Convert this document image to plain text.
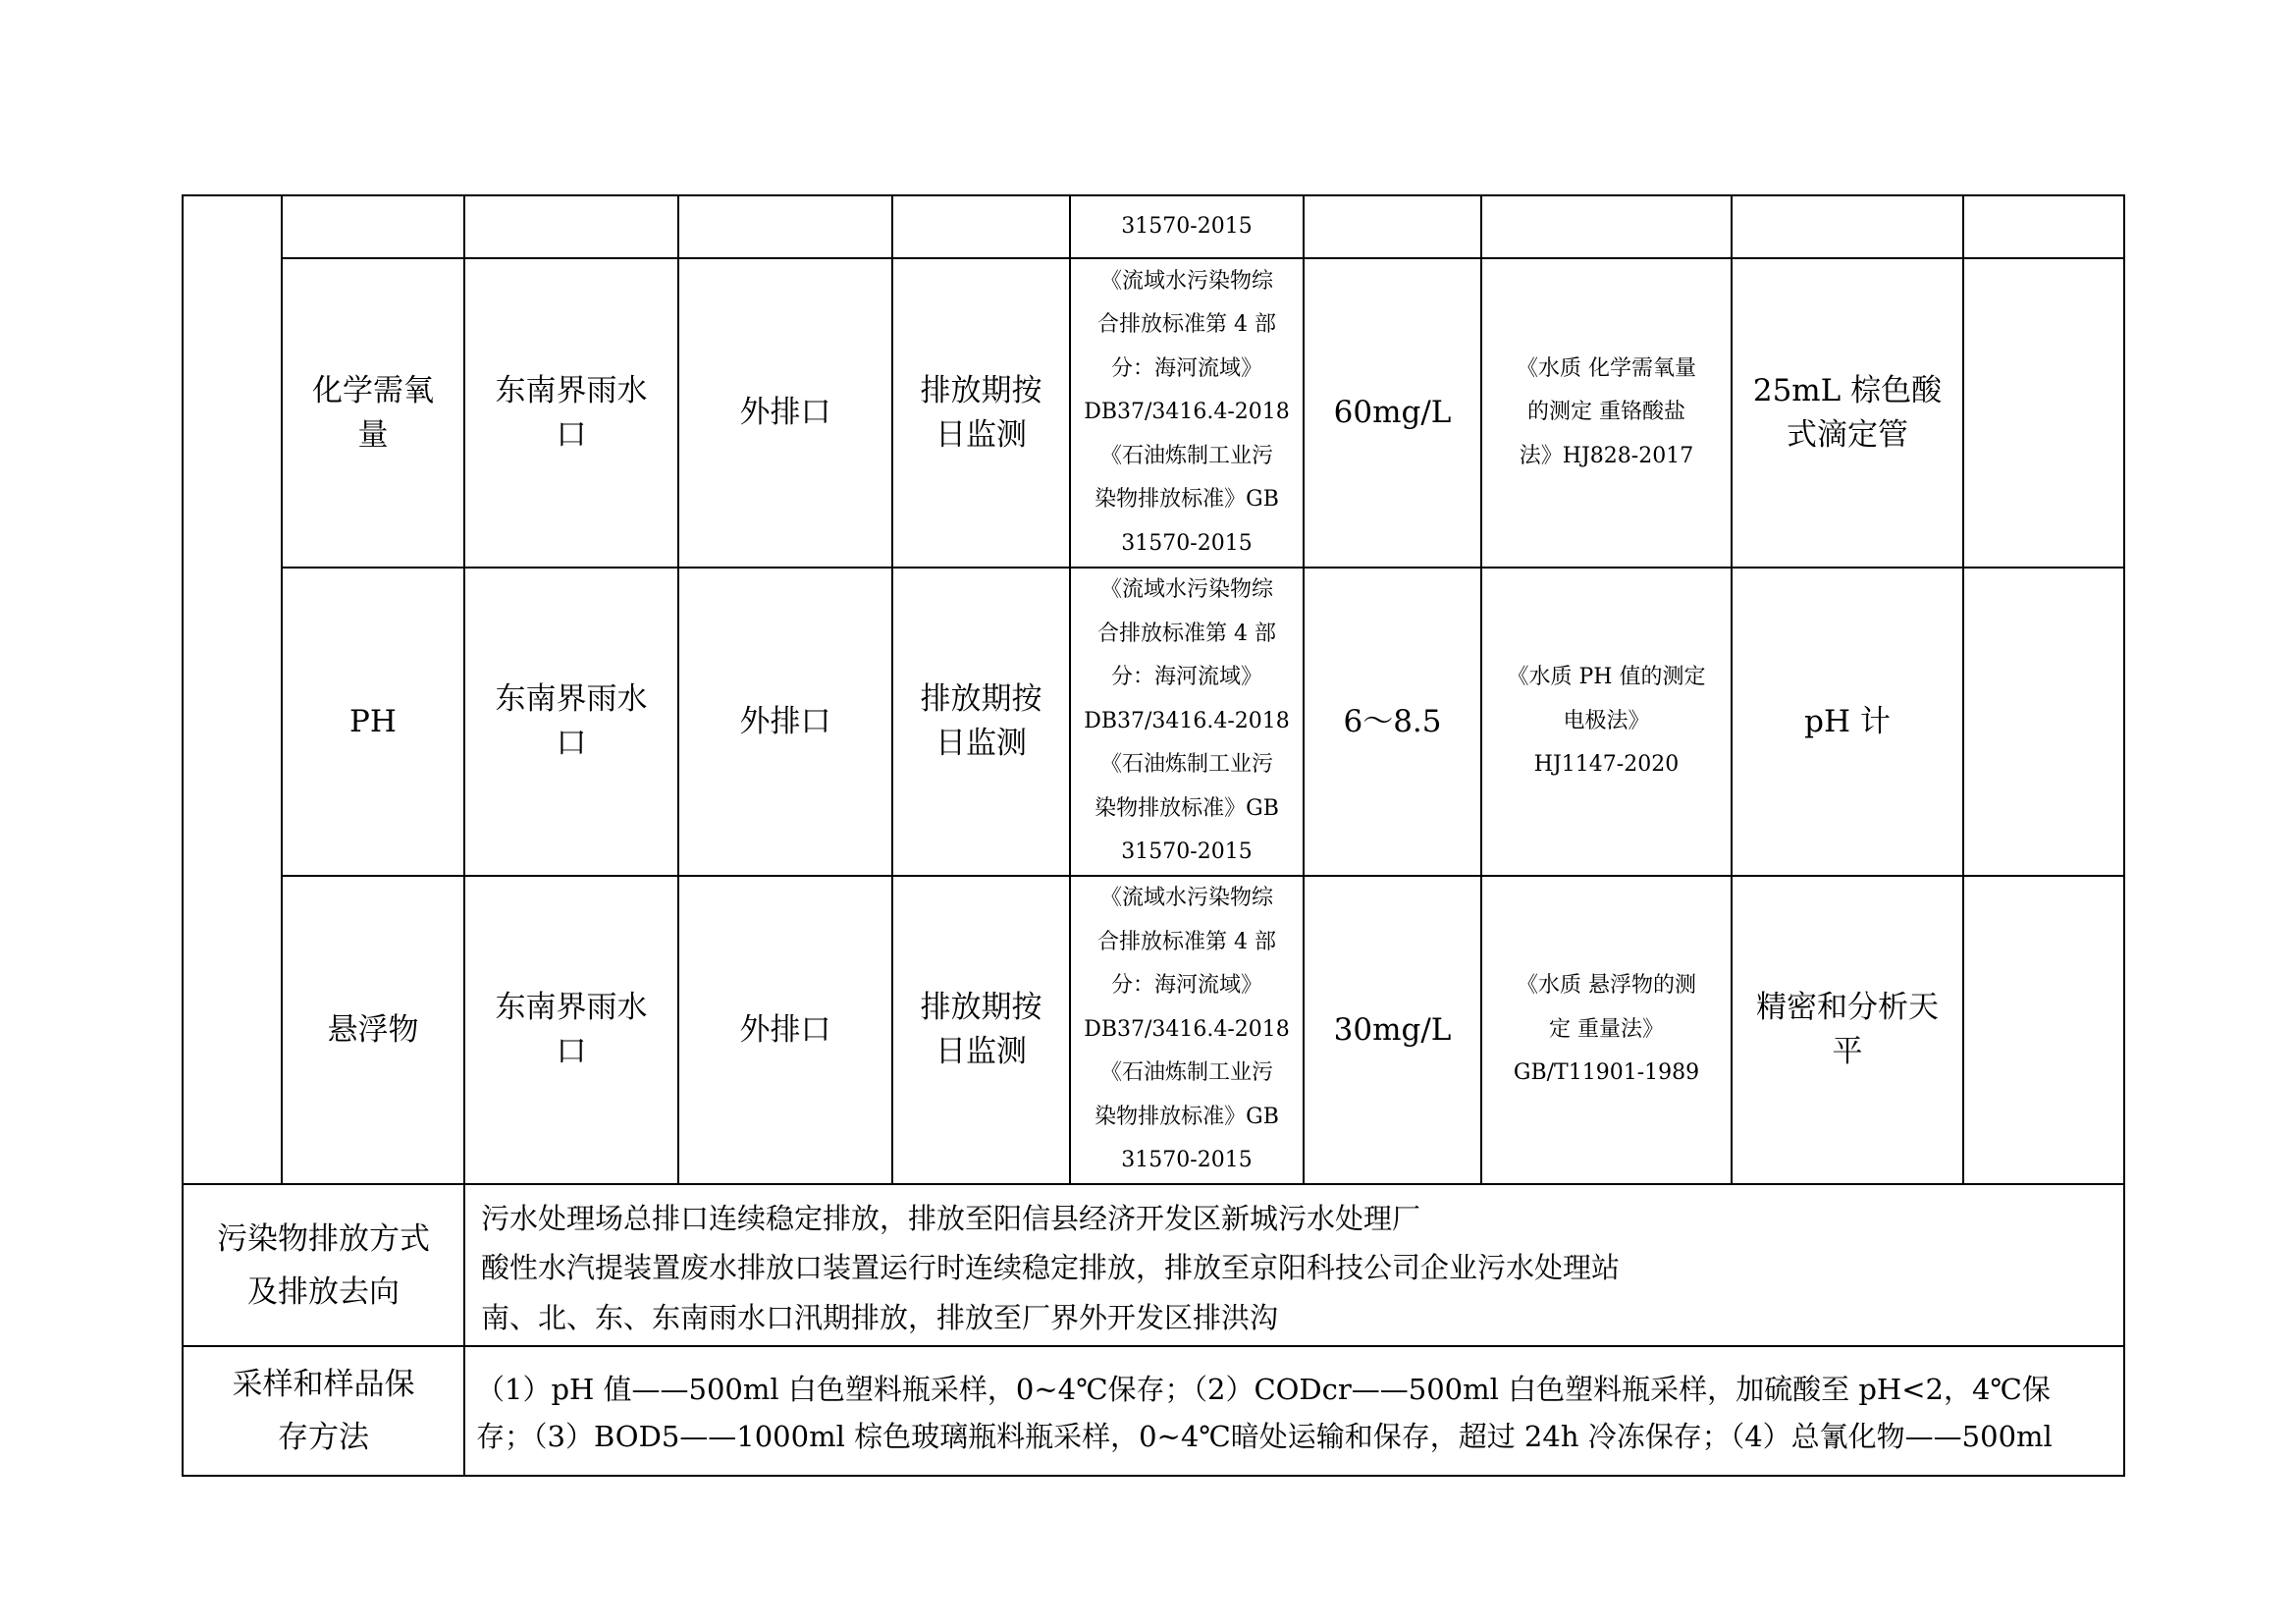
31570-2015
化学需氧量
东南界雨水口
外排口
排放期按日监测
《流域水污染物综
合排放标准第 4 部
分：海河流域》
DB37/3416.4-2018
《石油炼制工业污
染物排放标准》GB
31570-2015
60mg/L
《水质 化学需氧量
的测定 重铬酸盐
法》HJ828-2017
25mL 棕色酸式滴定管
PH
东南界雨水口
外排口
排放期按日监测
《流域水污染物综
合排放标准第 4 部
分：海河流域》
DB37/3416.4-2018
《石油炼制工业污
染物排放标准》GB
31570-2015
6～8.5
《水质 PH 值的测定
电极法》
HJ1147-2020
pH 计
悬浮物
东南界雨水口
外排口
排放期按日监测
《流域水污染物综
合排放标准第 4 部
分：海河流域》
DB37/3416.4-2018
《石油炼制工业污
染物排放标准》GB
31570-2015
30mg/L
《水质 悬浮物的测
定 重量法》
GB/T11901-1989
精密和分析天平
污染物排放方式及排放去向
污水处理场总排口连续稳定排放，排放至阳信县经济开发区新城污水处理厂
酸性水汽提装置废水排放口装置运行时连续稳定排放，排放至京阳科技公司企业污水处理站
南、北、东、东南雨水口汛期排放，排放至厂界外开发区排洪沟
采样和样品保存方法
（1）pH 值——500ml 白色塑料瓶采样，0~4℃保存；（2）CODcr——500ml 白色塑料瓶采样，加硫酸至 pH<2，4℃保
存；（3）BOD5——1000ml 棕色玻璃瓶料瓶采样，0~4℃暗处运输和保存，超过 24h 冷冻保存；（4）总氰化物——500ml
